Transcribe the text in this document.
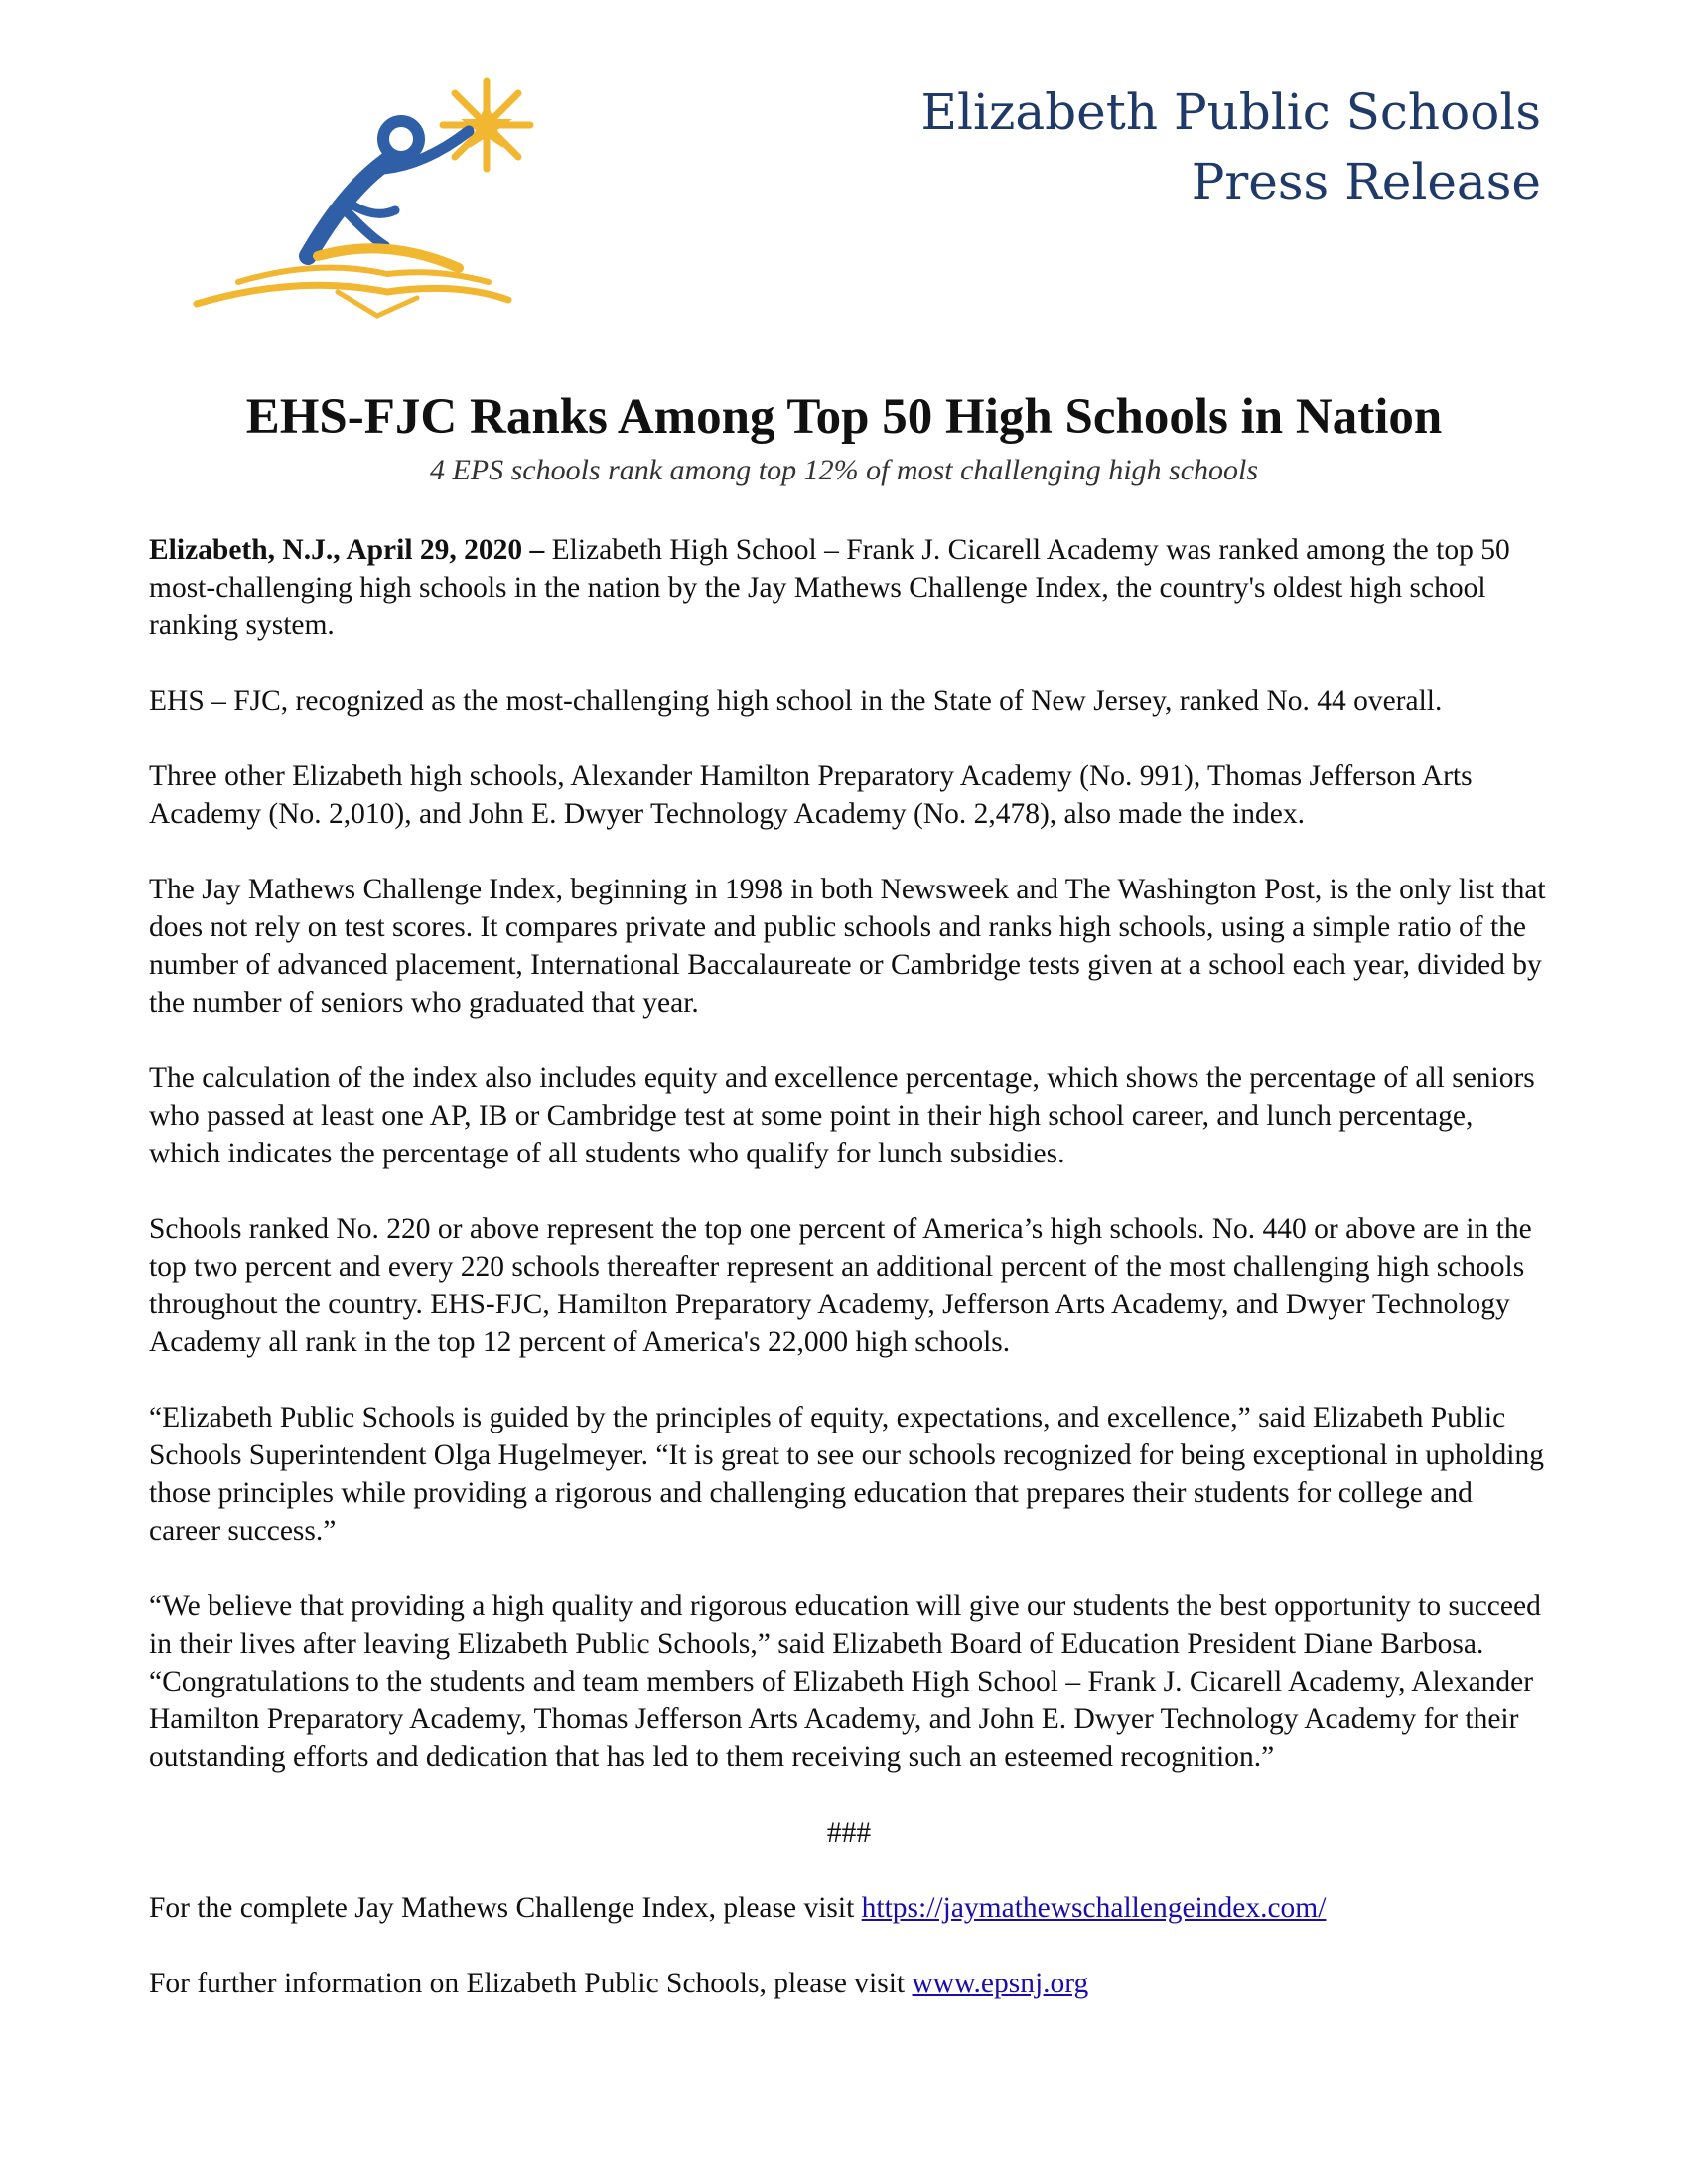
Elizabeth Public Schools
Press Release
EHS-FJC Ranks Among Top 50 High Schools in Nation
4 EPS schools rank among top 12% of most challenging high schools

Elizabeth, N.J., April 29, 2020 – Elizabeth High School – Frank J. Cicarell Academy was ranked among the top 50 most-challenging high schools in the nation by the Jay Mathews Challenge Index, the country's oldest high school ranking system.

EHS – FJC, recognized as the most-challenging high school in the State of New Jersey, ranked No. 44 overall.

Three other Elizabeth high schools, Alexander Hamilton Preparatory Academy (No. 991), Thomas Jefferson Arts Academy (No. 2,010), and John E. Dwyer Technology Academy (No. 2,478), also made the index.

The Jay Mathews Challenge Index, beginning in 1998 in both Newsweek and The Washington Post, is the only list that does not rely on test scores. It compares private and public schools and ranks high schools, using a simple ratio of the number of advanced placement, International Baccalaureate or Cambridge tests given at a school each year, divided by the number of seniors who graduated that year.

The calculation of the index also includes equity and excellence percentage, which shows the percentage of all seniors who passed at least one AP, IB or Cambridge test at some point in their high school career, and lunch percentage, which indicates the percentage of all students who qualify for lunch subsidies.

Schools ranked No. 220 or above represent the top one percent of America’s high schools. No. 440 or above are in the top two percent and every 220 schools thereafter represent an additional percent of the most challenging high schools throughout the country. EHS-FJC, Hamilton Preparatory Academy, Jefferson Arts Academy, and Dwyer Technology Academy all rank in the top 12 percent of America's 22,000 high schools.

“Elizabeth Public Schools is guided by the principles of equity, expectations, and excellence,” said Elizabeth Public Schools Superintendent Olga Hugelmeyer. “It is great to see our schools recognized for being exceptional in upholding those principles while providing a rigorous and challenging education that prepares their students for college and career success.”

“We believe that providing a high quality and rigorous education will give our students the best opportunity to succeed in their lives after leaving Elizabeth Public Schools,” said Elizabeth Board of Education President Diane Barbosa. “Congratulations to the students and team members of Elizabeth High School – Frank J. Cicarell Academy, Alexander Hamilton Preparatory Academy, Thomas Jefferson Arts Academy, and John E. Dwyer Technology Academy for their outstanding efforts and dedication that has led to them receiving such an esteemed recognition.”

###

For the complete Jay Mathews Challenge Index, please visit https://jaymathewschallengeindex.com/

For further information on Elizabeth Public Schools, please visit www.epsnj.org
